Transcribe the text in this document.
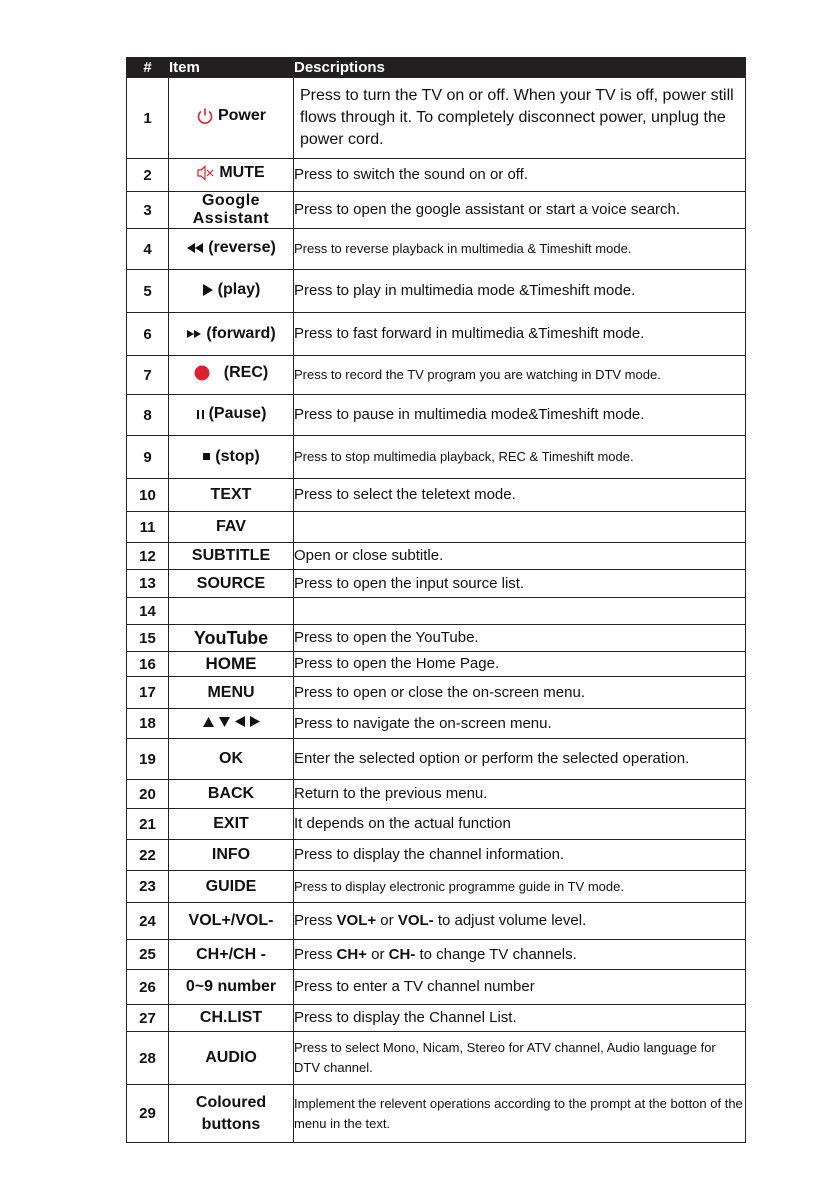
#	Item	Descriptions
1	Power	Press to turn the TV on or off. When your TV is off, power still flows through it. To completely disconnect power, unplug the power cord.
2	MUTE	Press to switch the sound on or off.
3	Google Assistant	Press to open the google assistant or start a voice search.
4	(reverse)	Press to reverse playback in multimedia & Timeshift mode.
5	(play)	Press to play in multimedia mode &Timeshift mode.
6	(forward)	Press to fast forward in multimedia &Timeshift mode.
7	(REC)	Press to record the TV program you are watching in DTV mode.
8	(Pause)	Press to pause in multimedia mode&Timeshift mode.
9	(stop)	Press to stop multimedia playback, REC & Timeshift mode.
10	TEXT	Press to select the teletext mode.
11	FAV	
12	SUBTITLE	Open or close subtitle.
13	SOURCE	Press to open the input source list.
14		
15	YouTube	Press to open the YouTube.
16	HOME	Press to open the Home Page.
17	MENU	Press to open or close the on-screen menu.
18		Press to navigate the on-screen menu.
19	OK	Enter the selected option or perform the selected operation.
20	BACK	Return to the previous menu.
21	EXIT	It depends on the actual function
22	INFO	Press to display the channel information.
23	GUIDE	Press to display electronic programme guide in TV mode.
24	VOL+/VOL-	Press VOL+ or VOL- to adjust volume level.
25	CH+/CH -	Press CH+ or CH- to change TV channels.
26	0~9 number	Press to enter a TV channel number
27	CH.LIST	Press to display the Channel List.
28	AUDIO	Press to select Mono, Nicam, Stereo for ATV channel, Audio language for DTV channel.
29	Coloured buttons	Implement the relevent operations according to the prompt at the botton of the menu in the text.
